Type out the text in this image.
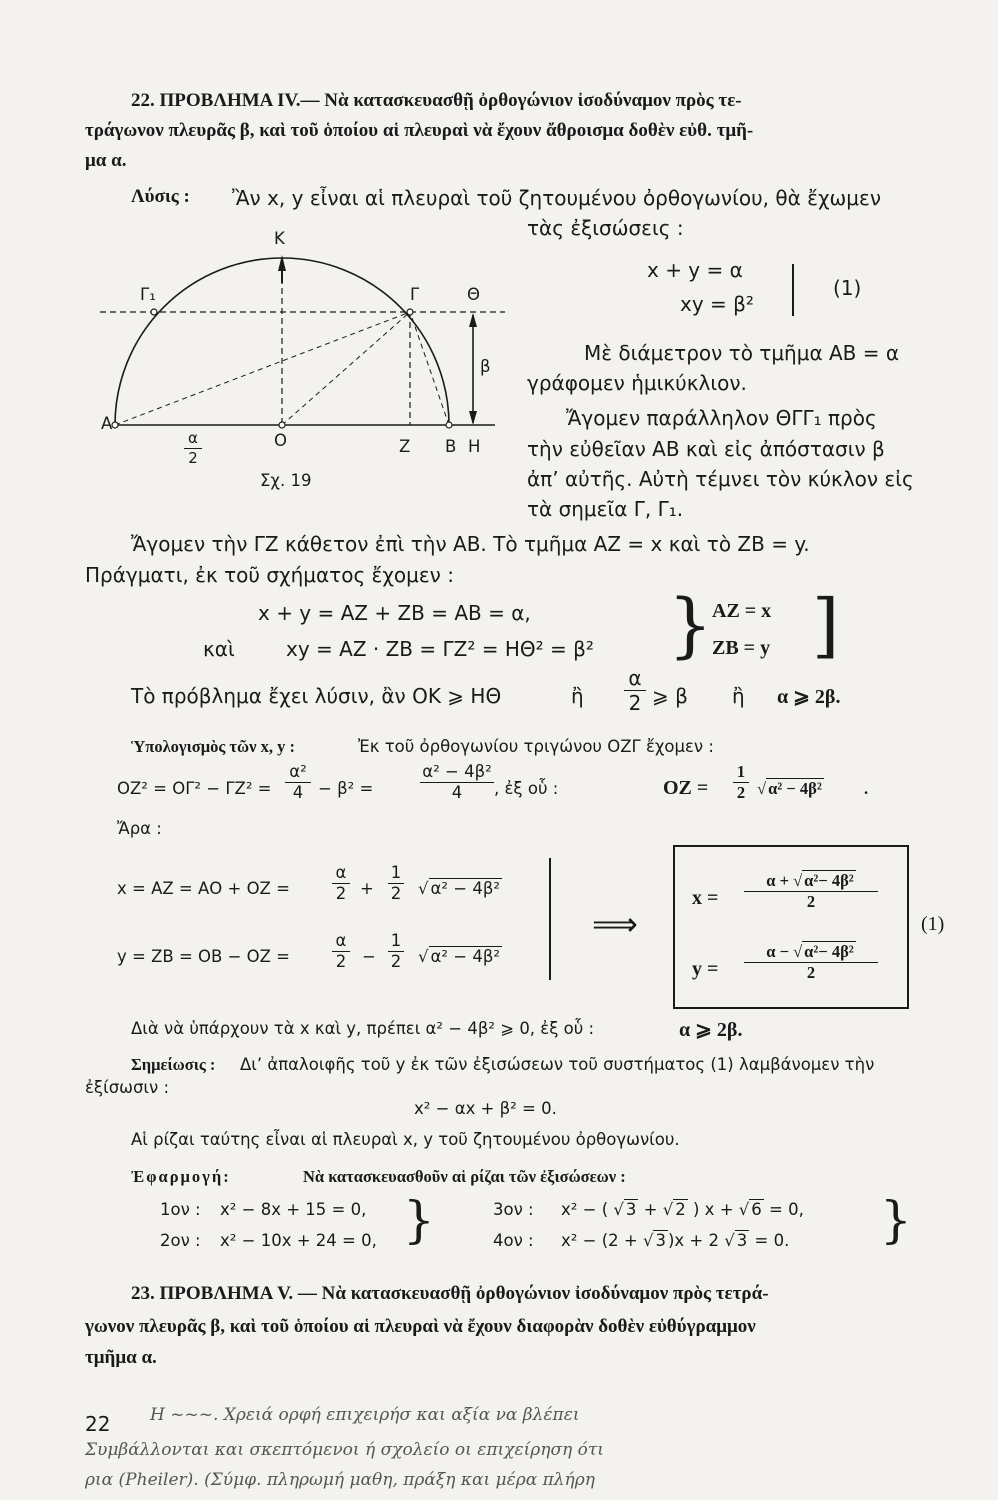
22. ΠΡΟΒΛΗΜΑ IV.— Νὰ κατασκευασθῇ ὀρθογώνιον ἰσοδύναμον πρὸς τε-
τράγωνον πλευρᾶς β, καὶ τοῦ ὁποίου αἱ πλευραὶ νὰ ἔχουν ἄθροισμα δοθὲν εὐθ. τμῆ-
μα α.
Λύσις : Ἂν x, y εἶναι αἱ πλευραὶ τοῦ ζητουμένου ὀρθογωνίου, θὰ ἔχωμεν
τὰς ἐξισώσεις :
x + y = α
xy = β²
(1)
Κ
Γ₁	Γ	Θ
β
Α
α
2
Ο	Ζ Β Η
Σχ. 19
Μὲ διάμετρον τὸ τμῆμα ΑΒ = α
γράφομεν ἡμικύκλιον.
Ἄγομεν παράλληλον ΘΓΓ₁ πρὸς
τὴν εὐθεῖαν ΑΒ καὶ εἰς ἀπόστασιν β
ἀπ’ αὐτῆς. Αὐτὴ τέμνει τὸν κύκλον εἰς
τὰ σημεῖα Γ, Γ₁.
Ἄγομεν τὴν ΓΖ κάθετον ἐπὶ τὴν ΑΒ. Τὸ τμῆμα ΑΖ = x καὶ τὸ ΖΒ = y.
Πράγματι, ἐκ τοῦ σχήματος ἔχομεν :
x + y = ΑΖ + ΖΒ = ΑΒ = α,
καὶ	xy = ΑΖ · ΖΒ = ΓΖ² = ΗΘ² = β² } ΑΖ = x
ΖΒ = y ]
Τὸ πρόβλημα ἔχει λύσιν, ἂν ΟΚ ⩾ ΗΘ	ἢ
α
2 ⩾ β ἢ α ⩾ 2β.
Ὑπολογισμὸς τῶν x, y :	Ἐκ τοῦ ὀρθογωνίου τριγώνου ΟΖΓ ἔχομεν :
ΟΖ² = ΟΓ² − ΓΖ² =
α²
4 − β² =
α² − 4β²
4	, ἐξ οὗ :	ΟΖ =
1
2 √ α² − 4β²	.
Ἄρα :
x = ΑΖ = ΑΟ + ΟΖ =
α
2 +
1
2 √ α² − 4β²
y = ΖΒ = ΟΒ − ΟΖ =
α
2 −
1
2 √ α² − 4β²
⟹
x =
α + √ α²− 4β²
2
y =
α − √ α²− 4β²
2
(1)
Διὰ νὰ ὑπάρχουν τὰ x καὶ y, πρέπει α² − 4β² ⩾ 0, ἐξ οὗ :	α ⩾ 2β.
Σημείωσις : Δι’ ἀπαλοιφῆς τοῦ y ἐκ τῶν ἐξισώσεων τοῦ συστήματος (1) λαμβάνομεν τὴν
ἐξίσωσιν :
x² − αx + β² = 0.
Αἱ ρίζαι ταύτης εἶναι αἱ πλευραὶ x, y τοῦ ζητουμένου ὀρθογωνίου.
Ἐφαρμογή:	Νὰ κατασκευασθοῦν αἱ ρίζαι τῶν ἐξισώσεων :
1ον : x² − 8x + 15 = 0,
2ον : x² − 10x + 24 = 0, }	3ον : x² − ( √ 3 + √ 2 ) x + √ 6 = 0,
4ον : x² − (2 + √ 3 )x + 2 √ 3 = 0. }
23. ΠΡΟΒΛΗΜΑ V. — Νὰ κατασκευασθῇ ὀρθογώνιον ἰσοδύναμον πρὸς τετρά-
γωνον πλευρᾶς β, καὶ τοῦ ὁποίου αἱ πλευραὶ νὰ ἔχουν διαφορὰν δοθὲν εὐθύγραμμον
τμῆμα α.
22 Η ~~~. Χρειά ορφή επιχειρήσ και αξία να βλέπει
Συμβάλλονται και σκεπτόμενοι ή σχολείο οι επιχείρηση ότι
ρια (Pheiler). (Σύμφ. πληρωμή μαθη, πράξη και μέρα πλήρη
